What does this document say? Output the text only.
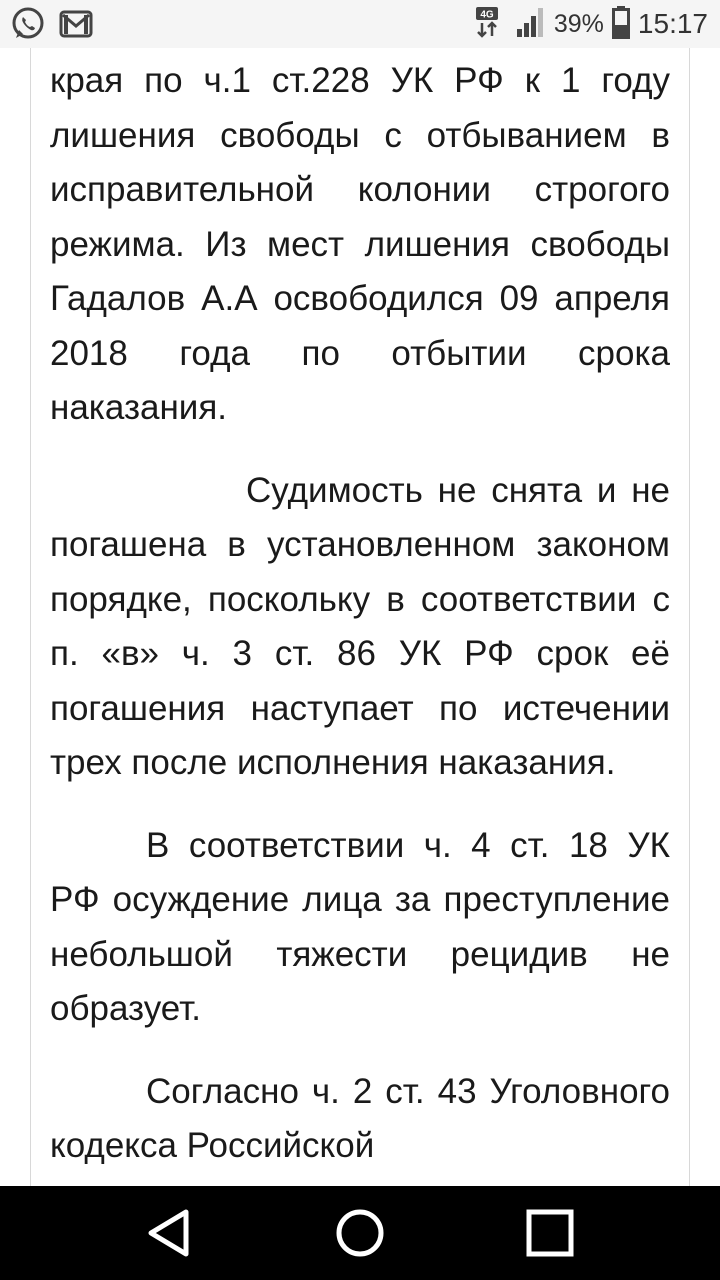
4G 39% 15:17

края по ч.1 ст.228 УК РФ к 1 году лишения свободы с отбыванием в исправительной колонии строгого режима. Из мест лишения свободы Гадалов А.А освободился 09 апреля 2018 года по отбытии срока наказания.

Судимость не снята и не погашена в установленном законом порядке, поскольку в соответствии с п. «в» ч. 3 ст. 86 УК РФ срок её погашения наступает по истечении трех после исполнения наказания.

В соответствии ч. 4 ст. 18 УК РФ осуждение лица за преступление небольшой тяжести рецидив не образует.

Согласно ч. 2 ст. 43 Уголовного кодекса Российской
